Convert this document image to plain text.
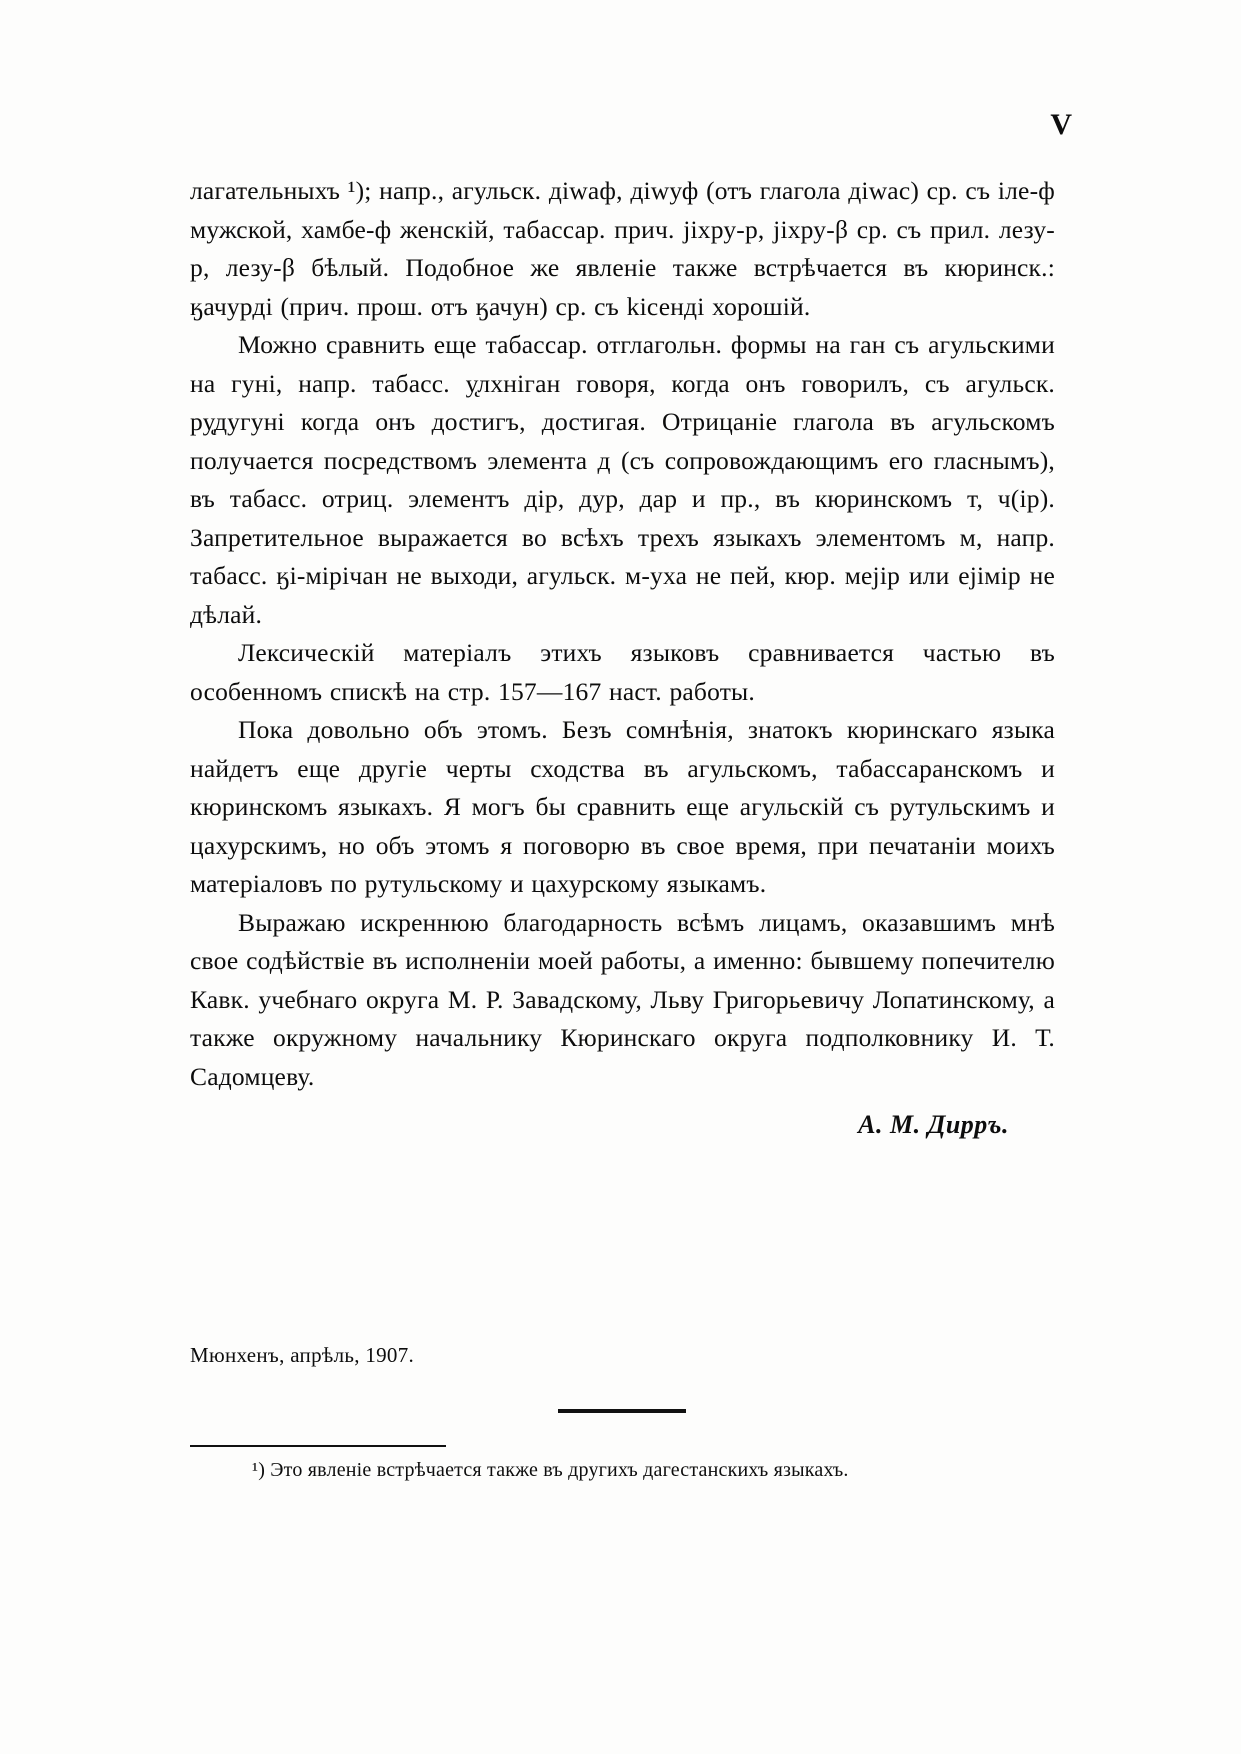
V

лагательныхъ ¹); напр., агульск. дiwаф, дiwуф (отъ глагола дiwас) ср. съ iле-ф мужской, хамбе-ф женскiй, табассар. прич. jіхру-р, jіхру-β ср. съ прил. лезу-р, лезу-β бѣлый. Подобное же явленіе также встрѣчается въ кюринск.: ӄачурдi (прич. прош. отъ ӄачун) ср. съ kісендi хорошiй.

Можно сравнить еще табассар. отглагольн. формы на ган съ агульскими на гунi, напр. табасс. у̨лхнiган говоря, когда онъ говорилъ, съ агульск. ру̨дугунi когда онъ достигъ, достигая. Отрицаніе глагола въ агульскомъ получается посредствомъ элемента д (съ сопровождающимъ его гласнымъ), въ табасс. отриц. элементъ дiр, дур, дар и пр., въ кюринскомъ т, ч(iр). Запретительное выражается во всѣхъ трехъ языкахъ элементомъ м, напр. табасс. ӄi-мiрiчан не выходи, агульск. м-уха не пей, кюр. меjiр или еjiмiр не дѣлай.

Лексическій матеріалъ этихъ языковъ сравнивается частью въ особенномъ спискѣ на стр. 157—167 наст. работы.

Пока довольно объ этомъ. Безъ сомнѣнія, знатокъ кюринскаго языка найдетъ еще другіе черты сходства въ агульскомъ, табассаранскомъ и кюринскомъ языкахъ. Я могъ бы сравнить еще агульскій съ рутульскимъ и цахурскимъ, но объ этомъ я поговорю въ свое время, при печатаніи моихъ матеріаловъ по рутульскому и цахурскому языкамъ.

Выражаю искреннюю благодарность всѣмъ лицамъ, оказавшимъ мнѣ свое содѣйствіе въ исполненіи моей работы, а именно: бывшему попечителю Кавк. учебнаго округа М. Р. Завадскому, Льву Григорьевичу Лопатинскому, а также окружному начальнику Кюринскаго округа подполковнику И. Т. Садомцеву.

А. М. Дирръ.
Мюнхенъ, апрѣль, 1907.
¹) Это явленіе встрѣчается также въ другихъ дагестанскихъ языкахъ.
